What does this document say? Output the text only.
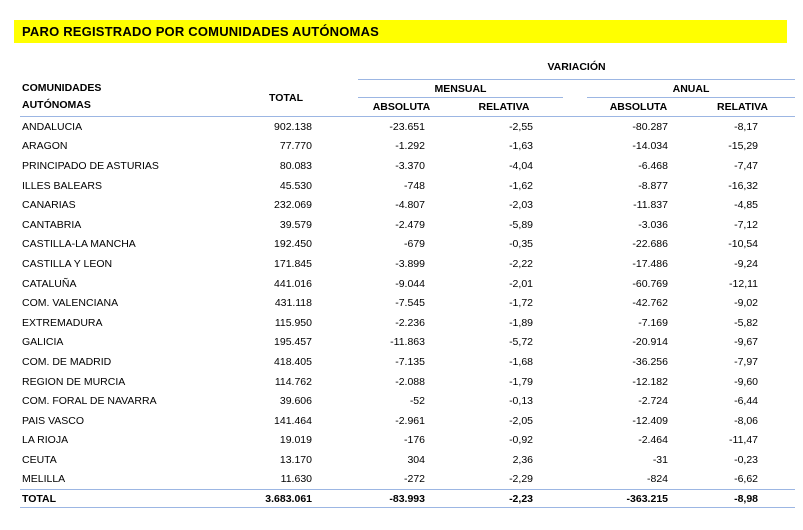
PARO REGISTRADO POR COMUNIDADES AUTÓNOMAS
COMUNIDADES
AUTÓNOMAS	TOTAL		VARIACIÓN				
			MENSUAL			ANUAL	
			ABSOLUTA	RELATIVA		ABSOLUTA	RELATIVA
ANDALUCIA	902.138		-23.651	-2,55		-80.287	-8,17
ARAGON	77.770		-1.292	-1,63		-14.034	-15,29
PRINCIPADO DE ASTURIAS	80.083		-3.370	-4,04		-6.468	-7,47
ILLES BALEARS	45.530		-748	-1,62		-8.877	-16,32
CANARIAS	232.069		-4.807	-2,03		-11.837	-4,85
CANTABRIA	39.579		-2.479	-5,89		-3.036	-7,12
CASTILLA-LA MANCHA	192.450		-679	-0,35		-22.686	-10,54
CASTILLA Y LEON	171.845		-3.899	-2,22		-17.486	-9,24
CATALUÑA	441.016		-9.044	-2,01		-60.769	-12,11
COM. VALENCIANA	431.118		-7.545	-1,72		-42.762	-9,02
EXTREMADURA	115.950		-2.236	-1,89		-7.169	-5,82
GALICIA	195.457		-11.863	-5,72		-20.914	-9,67
COM. DE MADRID	418.405		-7.135	-1,68		-36.256	-7,97
REGION DE MURCIA	114.762		-2.088	-1,79		-12.182	-9,60
COM. FORAL DE NAVARRA	39.606		-52	-0,13		-2.724	-6,44
PAIS VASCO	141.464		-2.961	-2,05		-12.409	-8,06
LA RIOJA	19.019		-176	-0,92		-2.464	-11,47
CEUTA	13.170		304	2,36		-31	-0,23
MELILLA	11.630		-272	-2,29		-824	-6,62
TOTAL	3.683.061		-83.993	-2,23		-363.215	-8,98
